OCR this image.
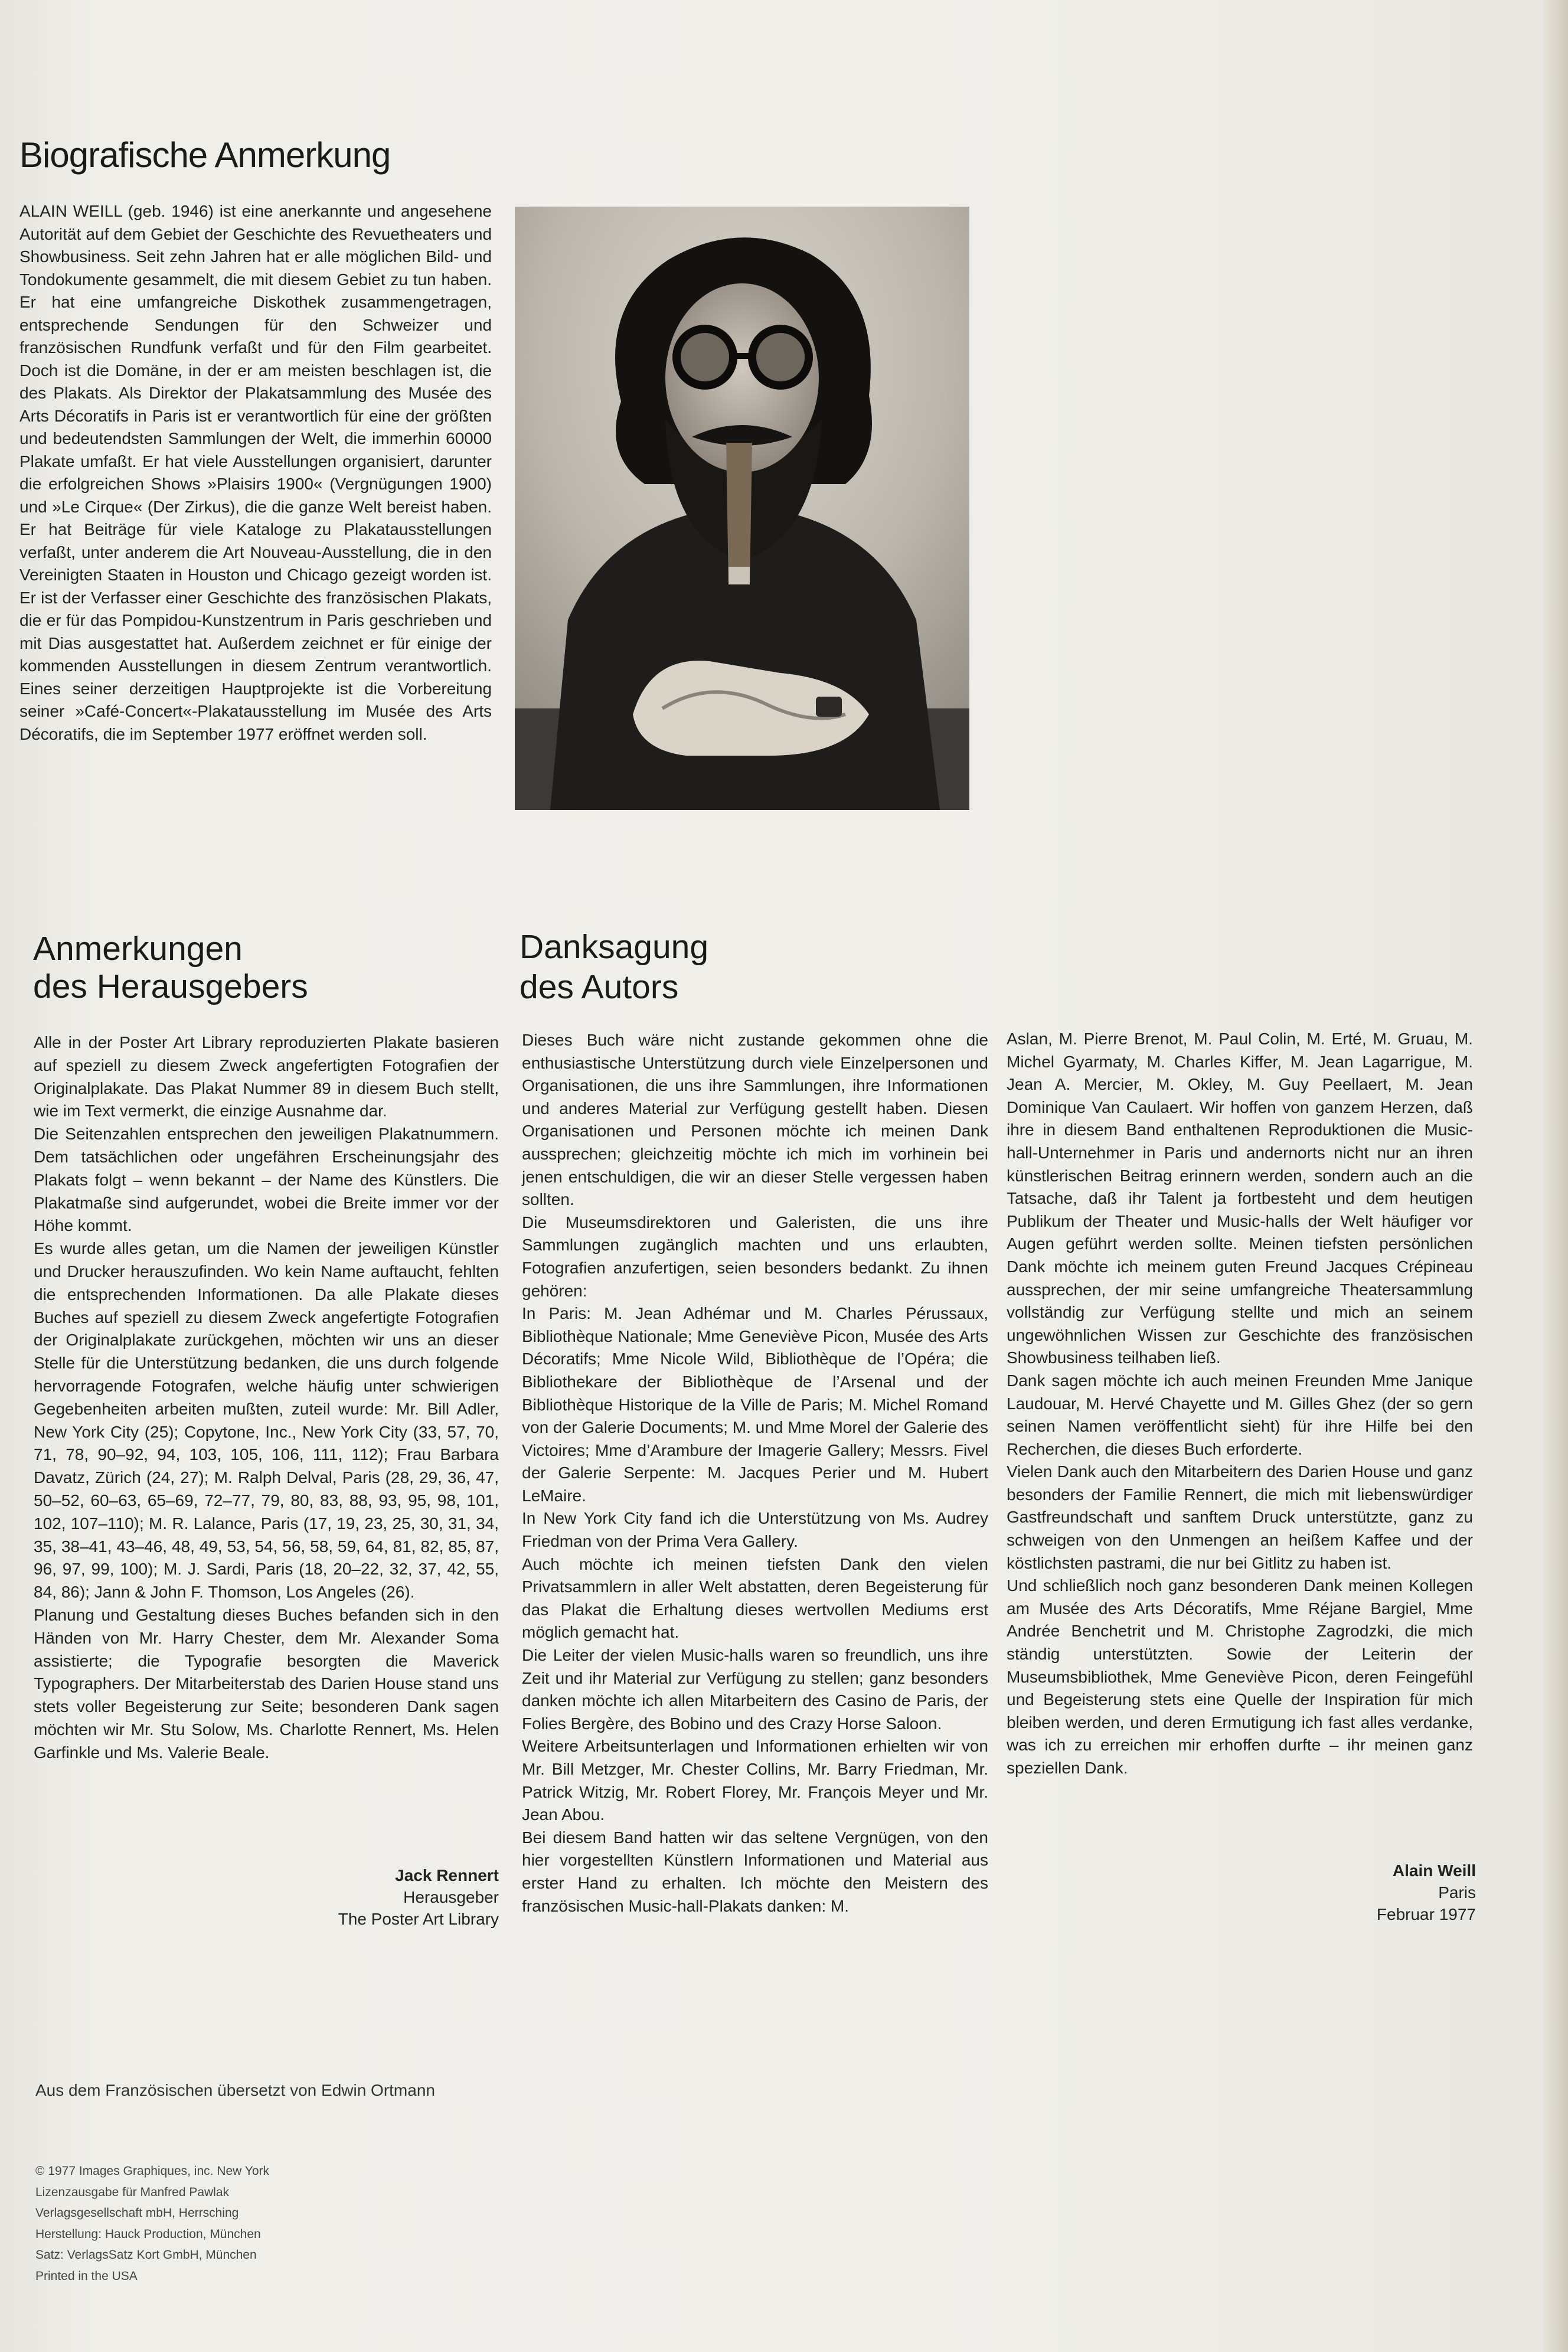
Biografische Anmerkung

ALAIN WEILL (geb. 1946) ist eine anerkannte und angesehene Autorität auf dem Gebiet der Geschichte des Revuetheaters und Showbusiness. Seit zehn Jahren hat er alle möglichen Bild- und Tondokumente gesammelt, die mit diesem Gebiet zu tun haben. Er hat eine umfangreiche Diskothek zusammengetragen, entsprechende Sendungen für den Schweizer und französischen Rundfunk verfaßt und für den Film gearbeitet. Doch ist die Domäne, in der er am meisten beschlagen ist, die des Plakats. Als Direktor der Plakatsammlung des Musée des Arts Décoratifs in Paris ist er verantwortlich für eine der größten und bedeutendsten Sammlungen der Welt, die immerhin 60000 Plakate umfaßt. Er hat viele Ausstellungen organisiert, darunter die erfolgreichen Shows »Plaisirs 1900« (Vergnügungen 1900) und »Le Cirque« (Der Zirkus), die die ganze Welt bereist haben. Er hat Beiträge für viele Kataloge zu Plakatausstellungen verfaßt, unter anderem die Art Nouveau-Ausstellung, die in den Vereinigten Staaten in Houston und Chicago gezeigt worden ist. Er ist der Verfasser einer Geschichte des französischen Plakats, die er für das Pompidou-Kunstzentrum in Paris geschrieben und mit Dias ausgestattet hat. Außerdem zeichnet er für einige der kommenden Ausstellungen in diesem Zentrum verantwortlich. Eines seiner derzeitigen Hauptprojekte ist die Vorbereitung seiner »Café-Concert«-Plakatausstellung im Musée des Arts Décoratifs, die im September 1977 eröffnet werden soll.

Anmerkungen
des Herausgebers

Alle in der Poster Art Library reproduzierten Plakate basieren auf speziell zu diesem Zweck angefertigten Fotografien der Originalplakate. Das Plakat Nummer 89 in diesem Buch stellt, wie im Text vermerkt, die einzige Ausnahme dar.

Die Seitenzahlen entsprechen den jeweiligen Plakatnummern. Dem tatsächlichen oder ungefähren Erscheinungsjahr des Plakats folgt – wenn bekannt – der Name des Künstlers. Die Plakatmaße sind aufgerundet, wobei die Breite immer vor der Höhe kommt.

Es wurde alles getan, um die Namen der jeweiligen Künstler und Drucker herauszufinden. Wo kein Name auftaucht, fehlten die entsprechenden Informationen. Da alle Plakate dieses Buches auf speziell zu diesem Zweck angefertigte Fotografien der Originalplakate zurückgehen, möchten wir uns an dieser Stelle für die Unterstützung bedanken, die uns durch folgende hervorragende Fotografen, welche häufig unter schwierigen Gegebenheiten arbeiten mußten, zuteil wurde: Mr. Bill Adler, New York City (25); Copytone, Inc., New York City (33, 57, 70, 71, 78, 90–92, 94, 103, 105, 106, 111, 112); Frau Barbara Davatz, Zürich (24, 27); M. Ralph Delval, Paris (28, 29, 36, 47, 50–52, 60–63, 65–69, 72–77, 79, 80, 83, 88, 93, 95, 98, 101, 102, 107–110); M. R. Lalance, Paris (17, 19, 23, 25, 30, 31, 34, 35, 38–41, 43–46, 48, 49, 53, 54, 56, 58, 59, 64, 81, 82, 85, 87, 96, 97, 99, 100); M. J. Sardi, Paris (18, 20–22, 32, 37, 42, 55, 84, 86); Jann & John F. Thomson, Los Angeles (26).

Planung und Gestaltung dieses Buches befanden sich in den Händen von Mr. Harry Chester, dem Mr. Alexander Soma assistierte; die Typografie besorgten die Maverick Typographers. Der Mitarbeiterstab des Darien House stand uns stets voller Begeisterung zur Seite; besonderen Dank sagen möchten wir Mr. Stu Solow, Ms. Charlotte Rennert, Ms. Helen Garfinkle und Ms. Valerie Beale.

Jack Rennert
Herausgeber
The Poster Art Library
Danksagung
des Autors

Dieses Buch wäre nicht zustande gekommen ohne die enthusiastische Unterstützung durch viele Einzelpersonen und Organisationen, die uns ihre Sammlungen, ihre Informationen und anderes Material zur Verfügung gestellt haben. Diesen Organisationen und Personen möchte ich meinen Dank aussprechen; gleichzeitig möchte ich mich im vorhinein bei jenen entschuldigen, die wir an dieser Stelle vergessen haben sollten.

Die Museumsdirektoren und Galeristen, die uns ihre Sammlungen zugänglich machten und uns erlaubten, Fotografien anzufertigen, seien besonders bedankt. Zu ihnen gehören:

In Paris: M. Jean Adhémar und M. Charles Pérussaux, Bibliothèque Nationale; Mme Geneviève Picon, Musée des Arts Décoratifs; Mme Nicole Wild, Bibliothèque de l’Opéra; die Bibliothekare der Bibliothèque de l’Arsenal und der Bibliothèque Historique de la Ville de Paris; M. Michel Romand von der Galerie Documents; M. und Mme Morel der Galerie des Victoires; Mme d’Arambure der Imagerie Gallery; Messrs. Fivel der Galerie Serpente: M. Jacques Perier und M. Hubert LeMaire.

In New York City fand ich die Unterstützung von Ms. Audrey Friedman von der Prima Vera Gallery.

Auch möchte ich meinen tiefsten Dank den vielen Privatsammlern in aller Welt abstatten, deren Begeisterung für das Plakat die Erhaltung dieses wertvollen Mediums erst möglich gemacht hat.

Die Leiter der vielen Music-halls waren so freundlich, uns ihre Zeit und ihr Material zur Verfügung zu stellen; ganz besonders danken möchte ich allen Mitarbeitern des Casino de Paris, der Folies Bergère, des Bobino und des Crazy Horse Saloon.

Weitere Arbeitsunterlagen und Informationen erhielten wir von Mr. Bill Metzger, Mr. Chester Collins, Mr. Barry Friedman, Mr. Patrick Witzig, Mr. Robert Florey, Mr. François Meyer und Mr. Jean Abou.

Bei diesem Band hatten wir das seltene Vergnügen, von den hier vorgestellten Künstlern Informationen und Material aus erster Hand zu erhalten. Ich möchte den Meistern des französischen Music-hall-Plakats danken: M.

Aslan, M. Pierre Brenot, M. Paul Colin, M. Erté, M. Gruau, M. Michel Gyarmaty, M. Charles Kiffer, M. Jean Lagarrigue, M. Jean A. Mercier, M. Okley, M. Guy Peellaert, M. Jean Dominique Van Caulaert. Wir hoffen von ganzem Herzen, daß ihre in diesem Band enthaltenen Reproduktionen die Music-hall-Unternehmer in Paris und andernorts nicht nur an ihren künstlerischen Beitrag erinnern werden, sondern auch an die Tatsache, daß ihr Talent ja fortbesteht und dem heutigen Publikum der Theater und Music-halls der Welt häufiger vor Augen geführt werden sollte. Meinen tiefsten persönlichen Dank möchte ich meinem guten Freund Jacques Crépineau aussprechen, der mir seine umfangreiche Theatersammlung vollständig zur Verfügung stellte und mich an seinem ungewöhnlichen Wissen zur Geschichte des französischen Showbusiness teilhaben ließ.

Dank sagen möchte ich auch meinen Freunden Mme Janique Laudouar, M. Hervé Chayette und M. Gilles Ghez (der so gern seinen Namen veröffentlicht sieht) für ihre Hilfe bei den Recherchen, die dieses Buch erforderte.

Vielen Dank auch den Mitarbeitern des Darien House und ganz besonders der Familie Rennert, die mich mit liebenswürdiger Gastfreundschaft und sanftem Druck unterstützte, ganz zu schweigen von den Unmengen an heißem Kaffee und der köstlichsten pastrami, die nur bei Gitlitz zu haben ist.

Und schließlich noch ganz besonderen Dank meinen Kollegen am Musée des Arts Décoratifs, Mme Réjane Bargiel, Mme Andrée Benchetrit und M. Christophe Zagrodzki, die mich ständig unterstützten. Sowie der Leiterin der Museumsbibliothek, Mme Geneviève Picon, deren Feingefühl und Begeisterung stets eine Quelle der Inspiration für mich bleiben werden, und deren Ermutigung ich fast alles verdanke, was ich zu erreichen mir erhoffen durfte – ihr meinen ganz speziellen Dank.

Alain Weill
Paris
Februar 1977

Aus dem Französischen übersetzt von Edwin Ortmann

© 1977 Images Graphiques, inc. New York
Lizenzausgabe für Manfred Pawlak
Verlagsgesellschaft mbH, Herrsching
Herstellung: Hauck Production, München
Satz: VerlagsSatz Kort GmbH, München
Printed in the USA
